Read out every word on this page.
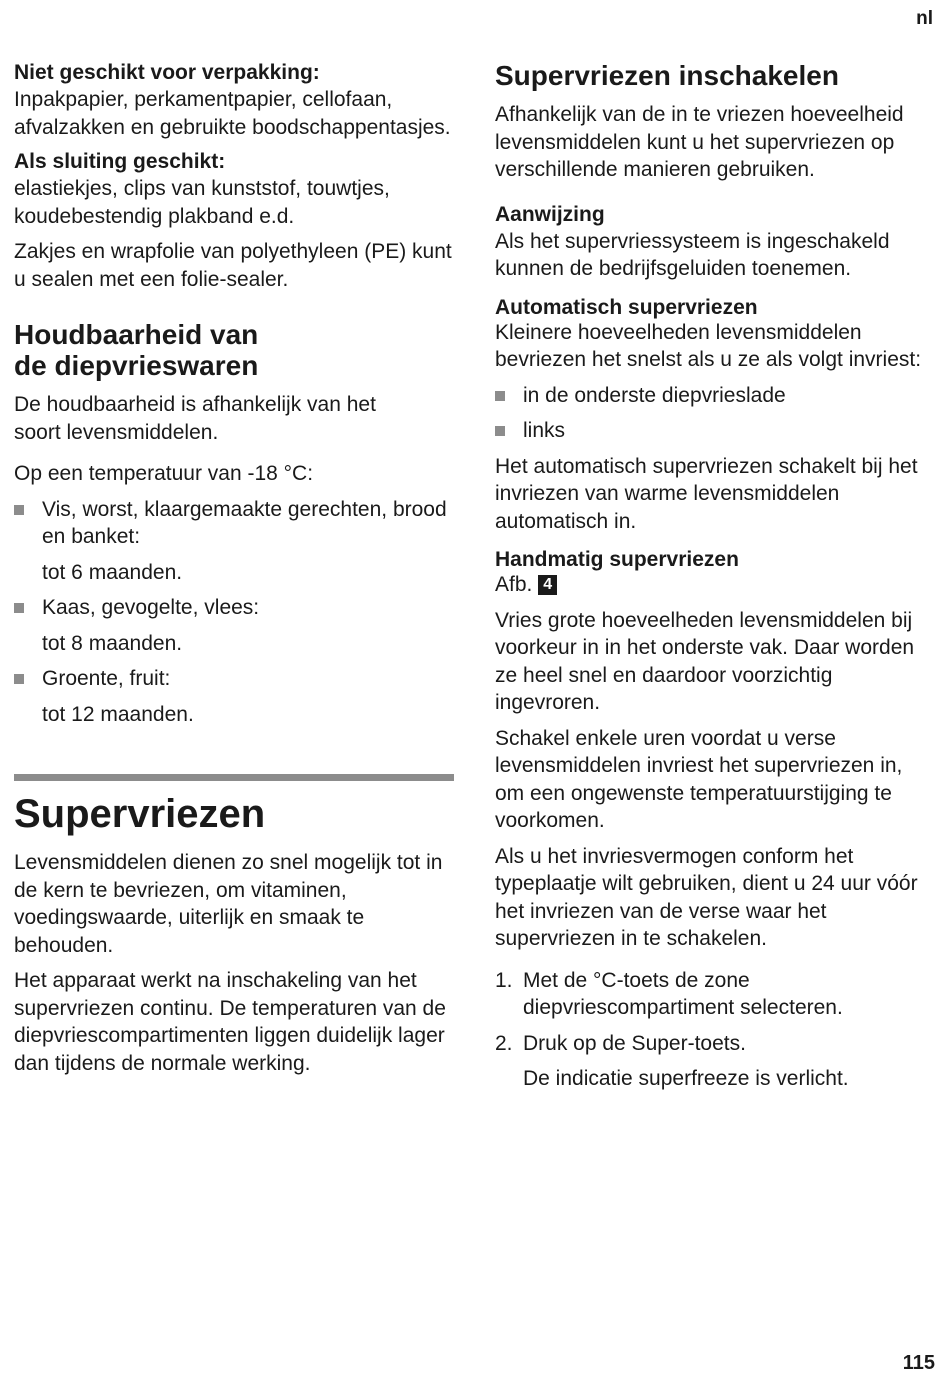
nl
Niet geschikt voor verpakking:

Inpakpapier, perkamentpapier, cellofaan, afvalzakken en gebruikte boodschappentasjes.

Als sluiting geschikt:

elastiekjes, clips van kunststof, touwtjes, koudebestendig plakband e.d.

Zakjes en wrapfolie van polyethyleen (PE) kunt u sealen met een folie-sealer.

Houdbaarheid van
de diepvrieswaren

De houdbaarheid is afhankelijk van het soort levensmiddelen.

Op een temperatuur van -18 °C:

Vis, worst, klaargemaakte gerechten, brood en banket:

tot 6 maanden.

Kaas, gevogelte, vlees:

tot 8 maanden.

Groente, fruit:

tot 12 maanden.

Supervriezen

Levensmiddelen dienen zo snel mogelijk tot in de kern te bevriezen, om vitaminen, voedingswaarde, uiterlijk en smaak te behouden.

Het apparaat werkt na inschakeling van het supervriezen continu. De temperaturen van de diepvriescompartimenten liggen duidelijk lager dan tijdens de normale werking.

Supervriezen inschakelen

Afhankelijk van de in te vriezen hoeveelheid levensmiddelen kunt u het supervriezen op verschillende manieren gebruiken.

Aanwijzing

Als het supervriessysteem is ingeschakeld kunnen de bedrijfsgeluiden toenemen.

Automatisch supervriezen

Kleinere hoeveelheden levensmiddelen bevriezen het snelst als u ze als volgt invriest:

in de onderste diepvrieslade

links

Het automatisch supervriezen schakelt bij het invriezen van warme levensmiddelen automatisch in.

Handmatig supervriezen

Afb. 4

Vries grote hoeveelheden levensmiddelen bij voorkeur in in het onderste vak. Daar worden ze heel snel en daardoor voorzichtig ingevroren.

Schakel enkele uren voordat u verse levensmiddelen invriest het supervriezen in, om een ongewenste temperatuurstijging te voorkomen.

Als u het invriesvermogen conform het typeplaatje wilt gebruiken, dient u 24 uur vóór het invriezen van de verse waar het supervriezen in te schakelen.

1. Met de °C-toets de zone diepvriescompartiment selecteren.

2. Druk op de Super-toets.

De indicatie superfreeze is verlicht.

115
